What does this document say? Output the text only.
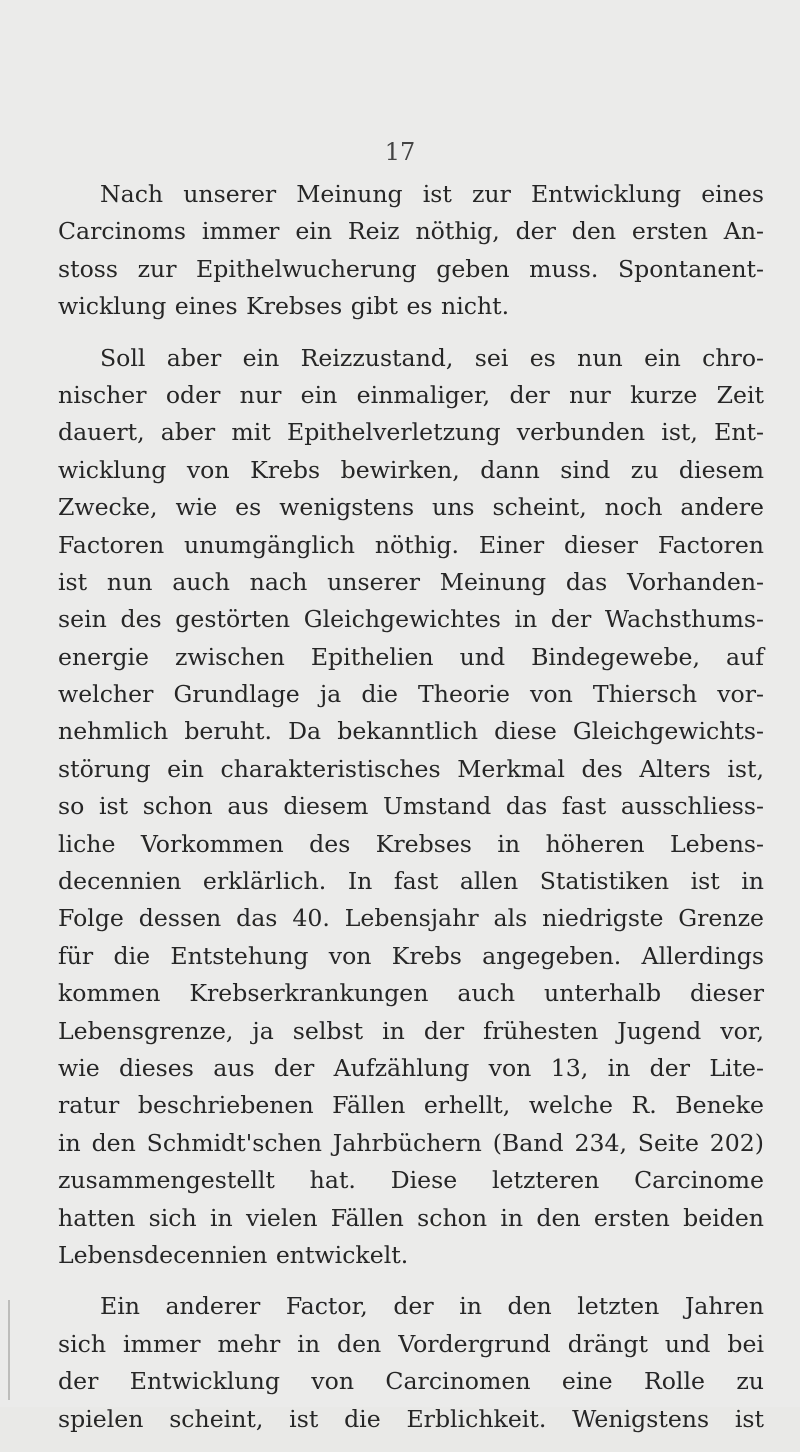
17
Nach unserer Meinung ist zur Entwicklung eines
Carcinoms immer ein Reiz nöthig, der den ersten An-
stoss zur Epithelwucherung geben muss. Spontanent-
wicklung eines Krebses gibt es nicht.
Soll aber ein Reizzustand, sei es nun ein chro-
nischer oder nur ein einmaliger, der nur kurze Zeit
dauert, aber mit Epithelverletzung verbunden ist, Ent-
wicklung von Krebs bewirken, dann sind zu diesem
Zwecke, wie es wenigstens uns scheint, noch andere
Factoren unumgänglich nöthig. Einer dieser Factoren
ist nun auch nach unserer Meinung das Vorhanden-
sein des gestörten Gleichgewichtes in der Wachsthums-
energie zwischen Epithelien und Bindegewebe, auf
welcher Grundlage ja die Theorie von Thiersch vor-
nehmlich beruht. Da bekanntlich diese Gleichgewichts-
störung ein charakteristisches Merkmal des Alters ist,
so ist schon aus diesem Umstand das fast ausschliess-
liche Vorkommen des Krebses in höheren Lebens-
decennien erklärlich. In fast allen Statistiken ist in
Folge dessen das 40. Lebensjahr als niedrigste Grenze
für die Entstehung von Krebs angegeben. Allerdings
kommen Krebserkrankungen auch unterhalb dieser
Lebensgrenze, ja selbst in der frühesten Jugend vor,
wie dieses aus der Aufzählung von 13, in der Lite-
ratur beschriebenen Fällen erhellt, welche R. Beneke
in den Schmidt'schen Jahrbüchern (Band 234, Seite 202)
zusammengestellt hat. Diese letzteren Carcinome
hatten sich in vielen Fällen schon in den ersten beiden
Lebensdecennien entwickelt.
Ein anderer Factor, der in den letzten Jahren
sich immer mehr in den Vordergrund drängt und bei
der Entwicklung von Carcinomen eine Rolle zu
spielen scheint, ist die Erblichkeit. Wenigstens ist
